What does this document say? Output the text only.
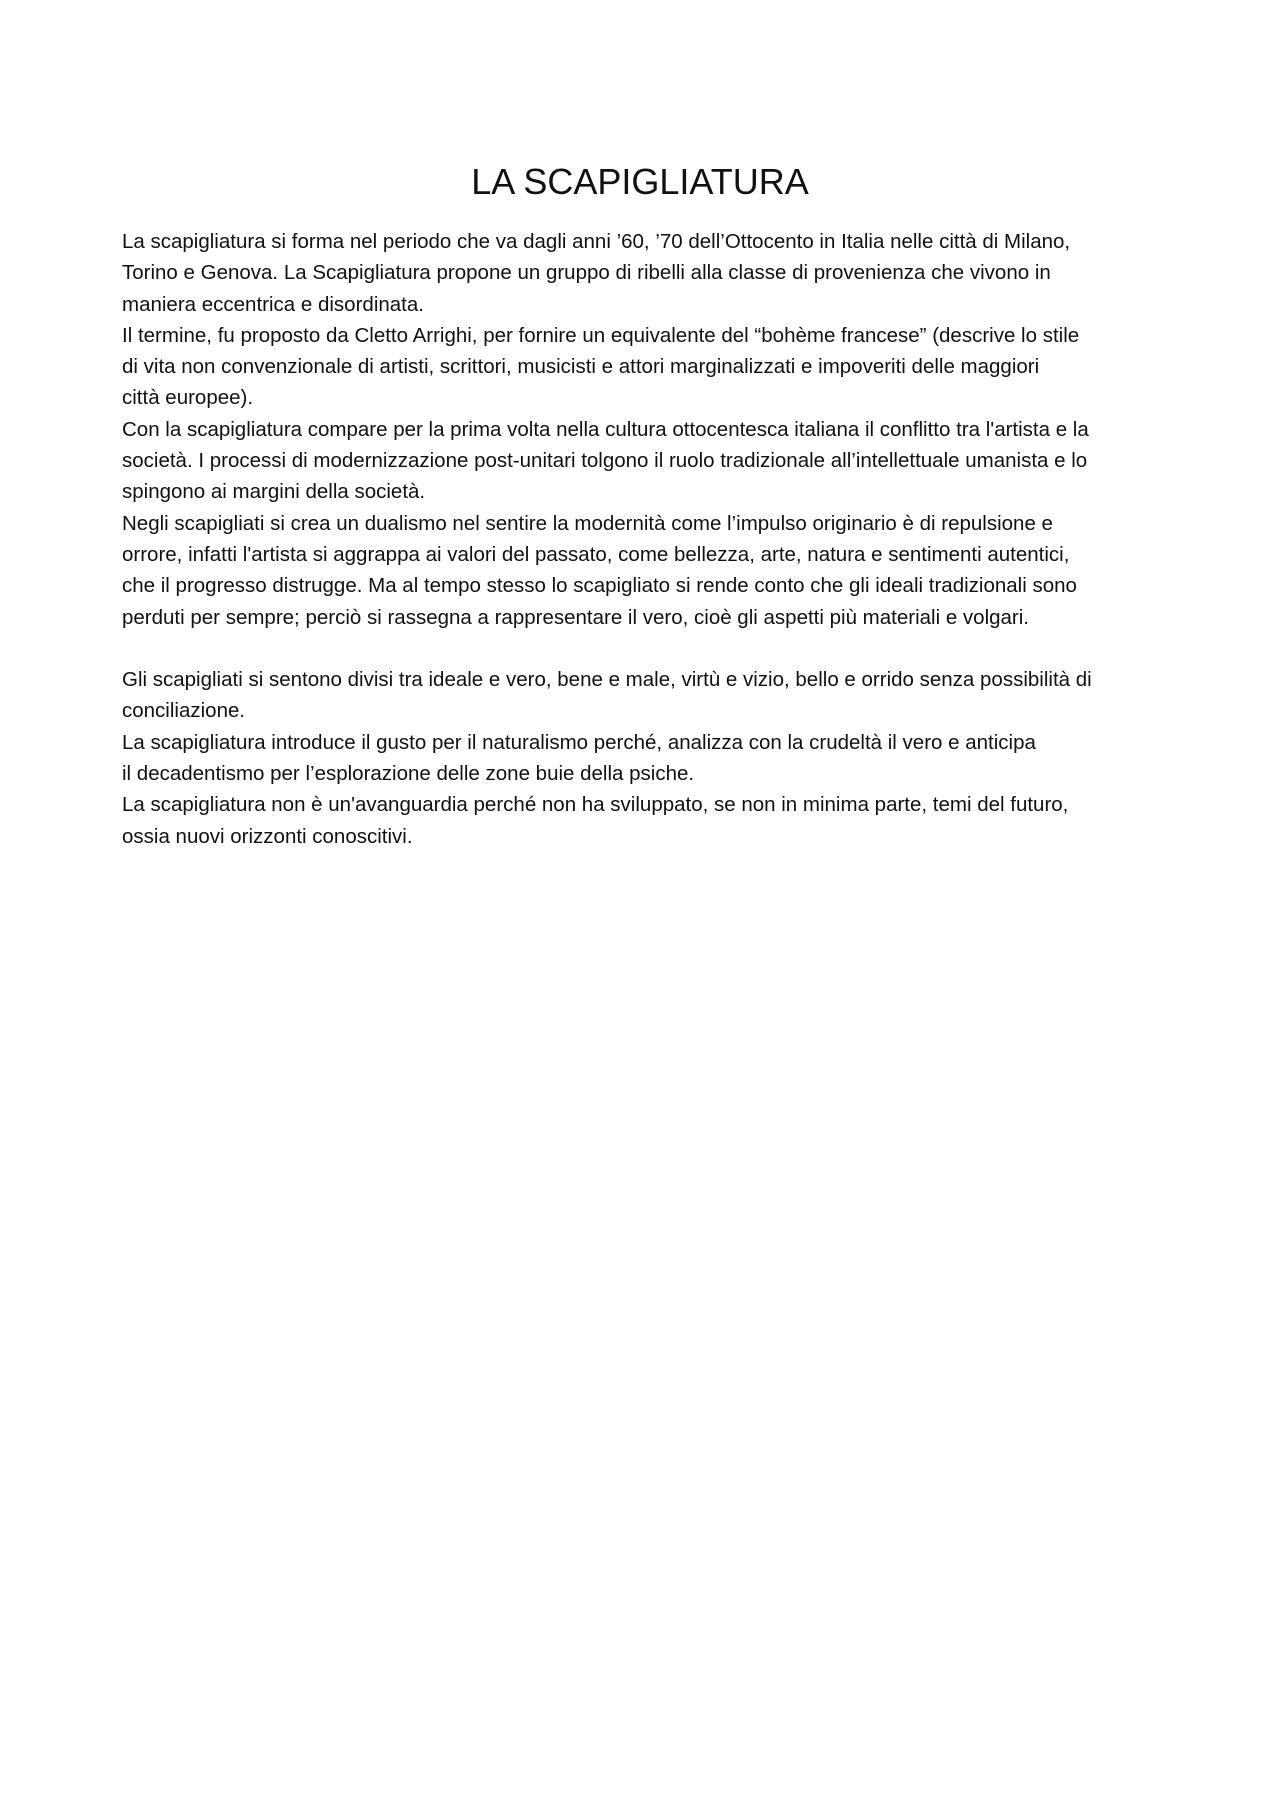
LA SCAPIGLIATURA

La scapigliatura si forma nel periodo che va dagli anni ’60, ’70 dell’Ottocento in Italia nelle città di Milano,

Torino e Genova. La Scapigliatura propone un gruppo di ribelli alla classe di provenienza che vivono in

maniera eccentrica e disordinata.

Il termine, fu proposto da Cletto Arrighi, per fornire un equivalente del “bohème francese” (descrive lo stile

di vita non convenzionale di artisti, scrittori, musicisti e attori marginalizzati e impoveriti delle maggiori

città europee).

Con la scapigliatura compare per la prima volta nella cultura ottocentesca italiana il conflitto tra l'artista e la

società. I processi di modernizzazione post-unitari tolgono il ruolo tradizionale all’intellettuale umanista e lo

spingono ai margini della società.

Negli scapigliati si crea un dualismo nel sentire la modernità come l’impulso originario è di repulsione e

orrore, infatti l'artista si aggrappa ai valori del passato, come bellezza, arte, natura e sentimenti autentici,

che il progresso distrugge. Ma al tempo stesso lo scapigliato si rende conto che gli ideali tradizionali sono

perduti per sempre; perciò si rassegna a rappresentare il vero, cioè gli aspetti più materiali e volgari.

Gli scapigliati si sentono divisi tra ideale e vero, bene e male, virtù e vizio, bello e orrido senza possibilità di

conciliazione.

La scapigliatura introduce il gusto per il naturalismo perché, analizza con la crudeltà il vero e anticipa

il decadentismo per l’esplorazione delle zone buie della psiche.

La scapigliatura non è un'avanguardia perché non ha sviluppato, se non in minima parte, temi del futuro,

ossia nuovi orizzonti conoscitivi.
